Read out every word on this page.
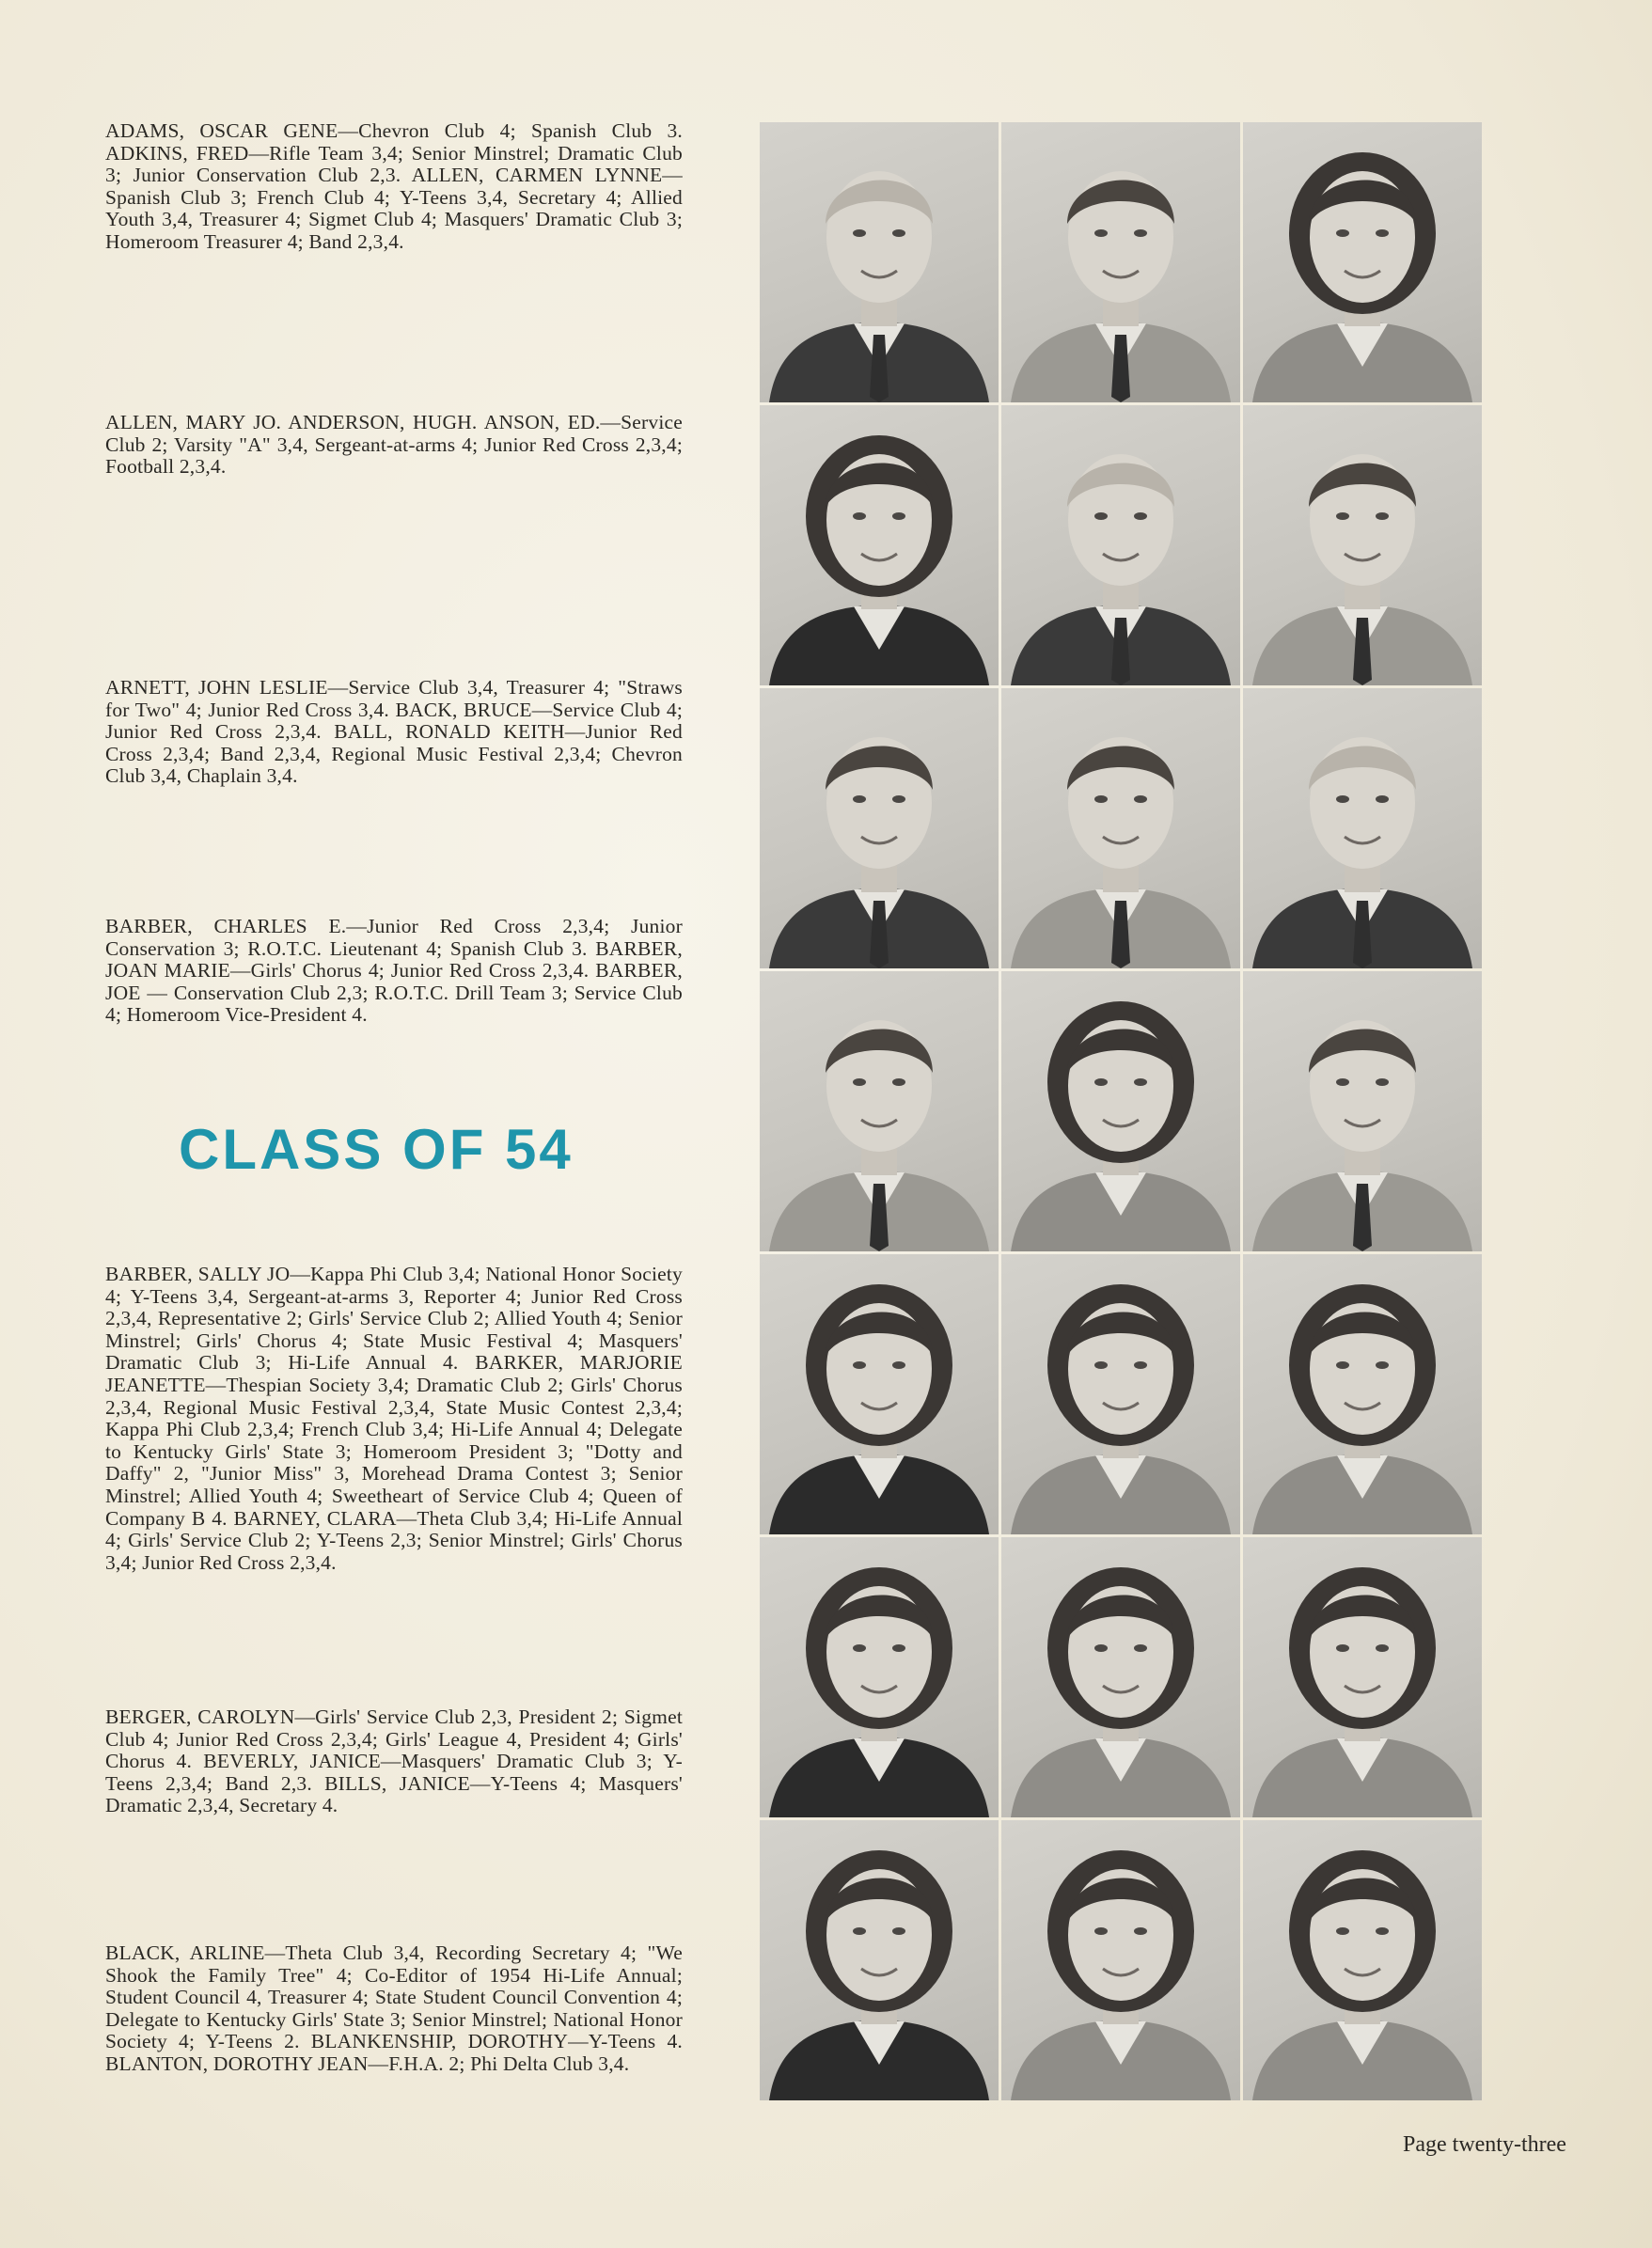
ADAMS, OSCAR GENE—Chevron Club 4; Spanish Club 3. ADKINS, FRED—Rifle Team 3,4; Senior Minstrel; Dramatic Club 3; Junior Conservation Club 2,3. ALLEN, CARMEN LYNNE—Spanish Club 3; French Club 4; Y-Teens 3,4, Secretary 4; Allied Youth 3,4, Treasurer 4; Sigmet Club 4; Masquers' Dramatic Club 3; Homeroom Treasurer 4; Band 2,3,4.

ALLEN, MARY JO. ANDERSON, HUGH. ANSON, ED.—Service Club 2; Varsity "A" 3,4, Sergeant-at-arms 4; Junior Red Cross 2,3,4; Football 2,3,4.

ARNETT, JOHN LESLIE—Service Club 3,4, Treasurer 4; "Straws for Two" 4; Junior Red Cross 3,4. BACK, BRUCE—Service Club 4; Junior Red Cross 2,3,4. BALL, RONALD KEITH—Junior Red Cross 2,3,4; Band 2,3,4, Regional Music Festival 2,3,4; Chevron Club 3,4, Chaplain 3,4.

BARBER, CHARLES E.—Junior Red Cross 2,3,4; Junior Conservation 3; R.O.T.C. Lieutenant 4; Spanish Club 3. BARBER, JOAN MARIE—Girls' Chorus 4; Junior Red Cross 2,3,4. BARBER, JOE — Conservation Club 2,3; R.O.T.C. Drill Team 3; Service Club 4; Homeroom Vice-President 4.

CLASS OF 54

BARBER, SALLY JO—Kappa Phi Club 3,4; National Honor Society 4; Y-Teens 3,4, Sergeant-at-arms 3, Reporter 4; Junior Red Cross 2,3,4, Representative 2; Girls' Service Club 2; Allied Youth 4; Senior Minstrel; Girls' Chorus 4; State Music Festival 4; Masquers' Dramatic Club 3; Hi-Life Annual 4. BARKER, MARJORIE JEANETTE—Thespian Society 3,4; Dramatic Club 2; Girls' Chorus 2,3,4, Regional Music Festival 2,3,4, State Music Contest 2,3,4; Kappa Phi Club 2,3,4; French Club 3,4; Hi-Life Annual 4; Delegate to Kentucky Girls' State 3; Homeroom President 3; "Dotty and Daffy" 2, "Junior Miss" 3, Morehead Drama Contest 3; Senior Minstrel; Allied Youth 4; Sweetheart of Service Club 4; Queen of Company B 4. BARNEY, CLARA—Theta Club 3,4; Hi-Life Annual 4; Girls' Service Club 2; Y-Teens 2,3; Senior Minstrel; Girls' Chorus 3,4; Junior Red Cross 2,3,4.

BERGER, CAROLYN—Girls' Service Club 2,3, President 2; Sigmet Club 4; Junior Red Cross 2,3,4; Girls' League 4, President 4; Girls' Chorus 4. BEVERLY, JANICE—Masquers' Dramatic Club 3; Y-Teens 2,3,4; Band 2,3. BILLS, JANICE—Y-Teens 4; Masquers' Dramatic 2,3,4, Secretary 4.

BLACK, ARLINE—Theta Club 3,4, Recording Secretary 4; "We Shook the Family Tree" 4; Co-Editor of 1954 Hi-Life Annual; Student Council 4, Treasurer 4; State Student Council Convention 4; Delegate to Kentucky Girls' State 3; Senior Minstrel; National Honor Society 4; Y-Teens 2. BLANKENSHIP, DOROTHY—Y-Teens 4. BLANTON, DOROTHY JEAN—F.H.A. 2; Phi Delta Club 3,4.

Page twenty-three
